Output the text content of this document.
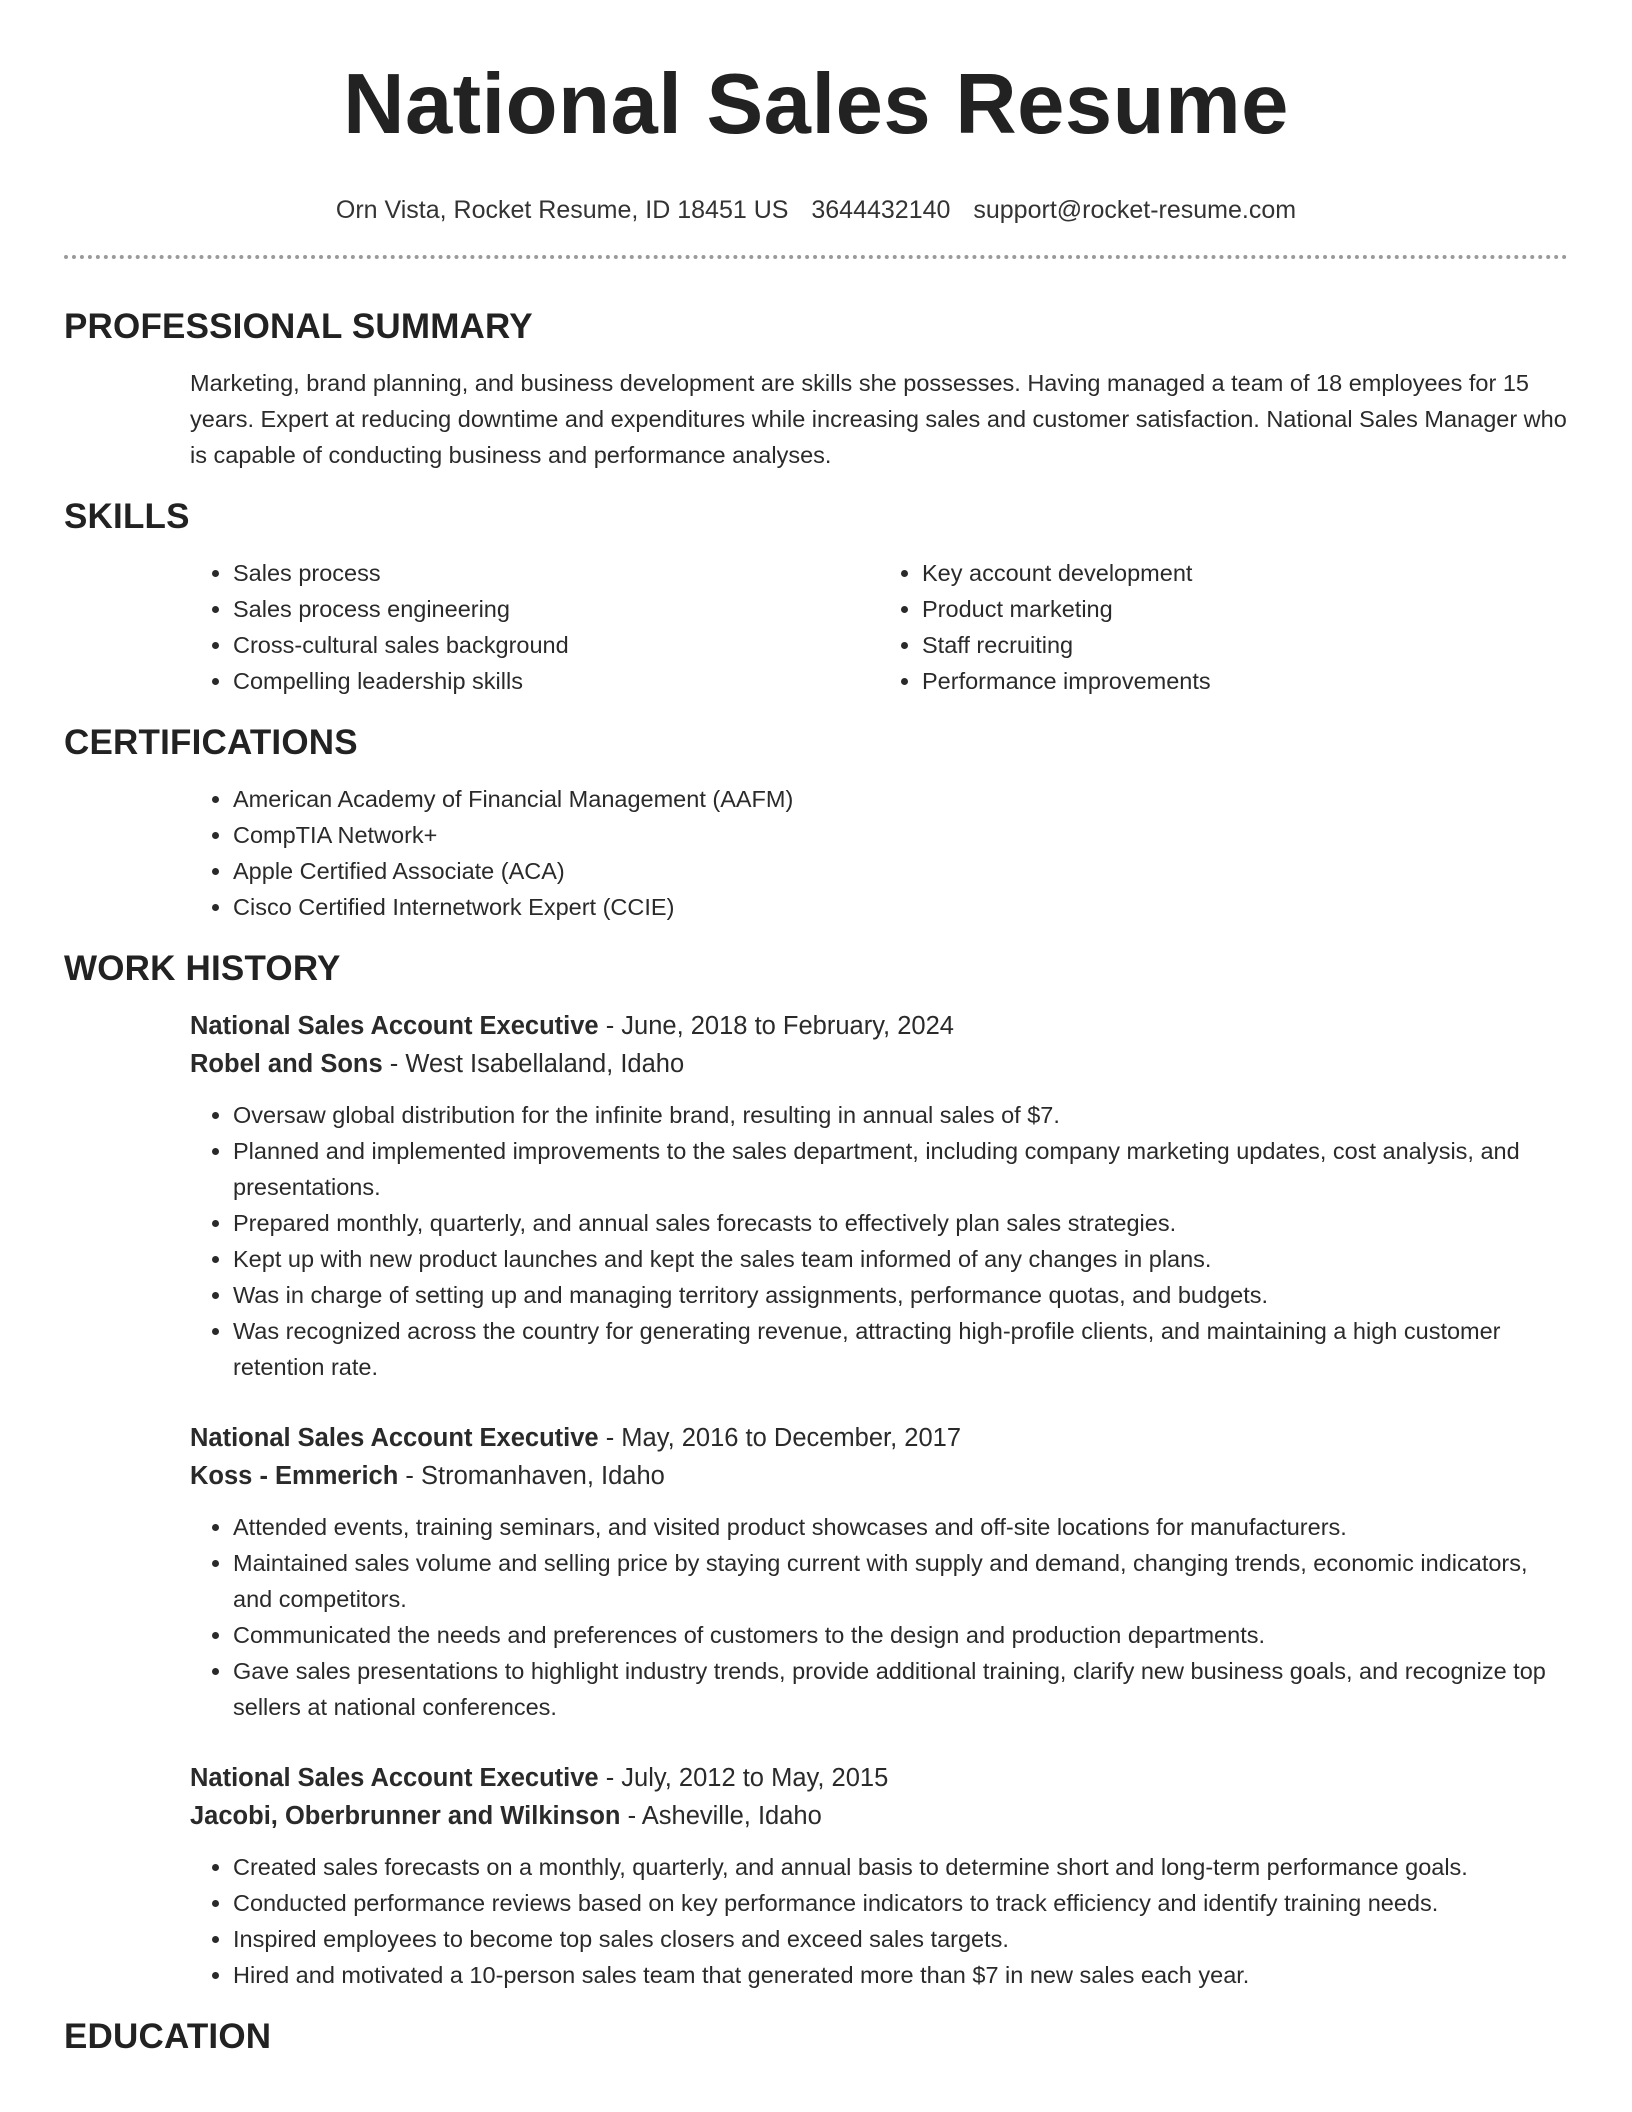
National Sales Resume
Orn Vista, Rocket Resume, ID 18451 US 3644432140 support@rocket-resume.com
PROFESSIONAL SUMMARY

Marketing, brand planning, and business development are skills she possesses. Having managed a team of 18 employees for 15 years. Expert at reducing downtime and expenditures while increasing sales and customer satisfaction. National Sales Manager who is capable of conducting business and performance analyses.

SKILLS
• Sales process
• Sales process engineering
• Cross-cultural sales background
• Compelling leadership skills
• Key account development
• Product marketing
• Staff recruiting
• Performance improvements
CERTIFICATIONS
• American Academy of Financial Management (AAFM)
• CompTIA Network+
• Apple Certified Associate (ACA)
• Cisco Certified Internetwork Expert (CCIE)
WORK HISTORY
National Sales Account Executive - June, 2018 to February, 2024
Robel and Sons - West Isabellaland, Idaho
• Oversaw global distribution for the infinite brand, resulting in annual sales of $7.
• Planned and implemented improvements to the sales department, including company marketing updates, cost analysis, and presentations.
• Prepared monthly, quarterly, and annual sales forecasts to effectively plan sales strategies.
• Kept up with new product launches and kept the sales team informed of any changes in plans.
• Was in charge of setting up and managing territory assignments, performance quotas, and budgets.
• Was recognized across the country for generating revenue, attracting high-profile clients, and maintaining a high customer retention rate.
National Sales Account Executive - May, 2016 to December, 2017
Koss - Emmerich - Stromanhaven, Idaho
• Attended events, training seminars, and visited product showcases and off-site locations for manufacturers.
• Maintained sales volume and selling price by staying current with supply and demand, changing trends, economic indicators, and competitors.
• Communicated the needs and preferences of customers to the design and production departments.
• Gave sales presentations to highlight industry trends, provide additional training, clarify new business goals, and recognize top sellers at national conferences.
National Sales Account Executive - July, 2012 to May, 2015
Jacobi, Oberbrunner and Wilkinson - Asheville, Idaho
• Created sales forecasts on a monthly, quarterly, and annual basis to determine short and long-term performance goals.
• Conducted performance reviews based on key performance indicators to track efficiency and identify training needs.
• Inspired employees to become top sales closers and exceed sales targets.
• Hired and motivated a 10-person sales team that generated more than $7 in new sales each year.
EDUCATION
